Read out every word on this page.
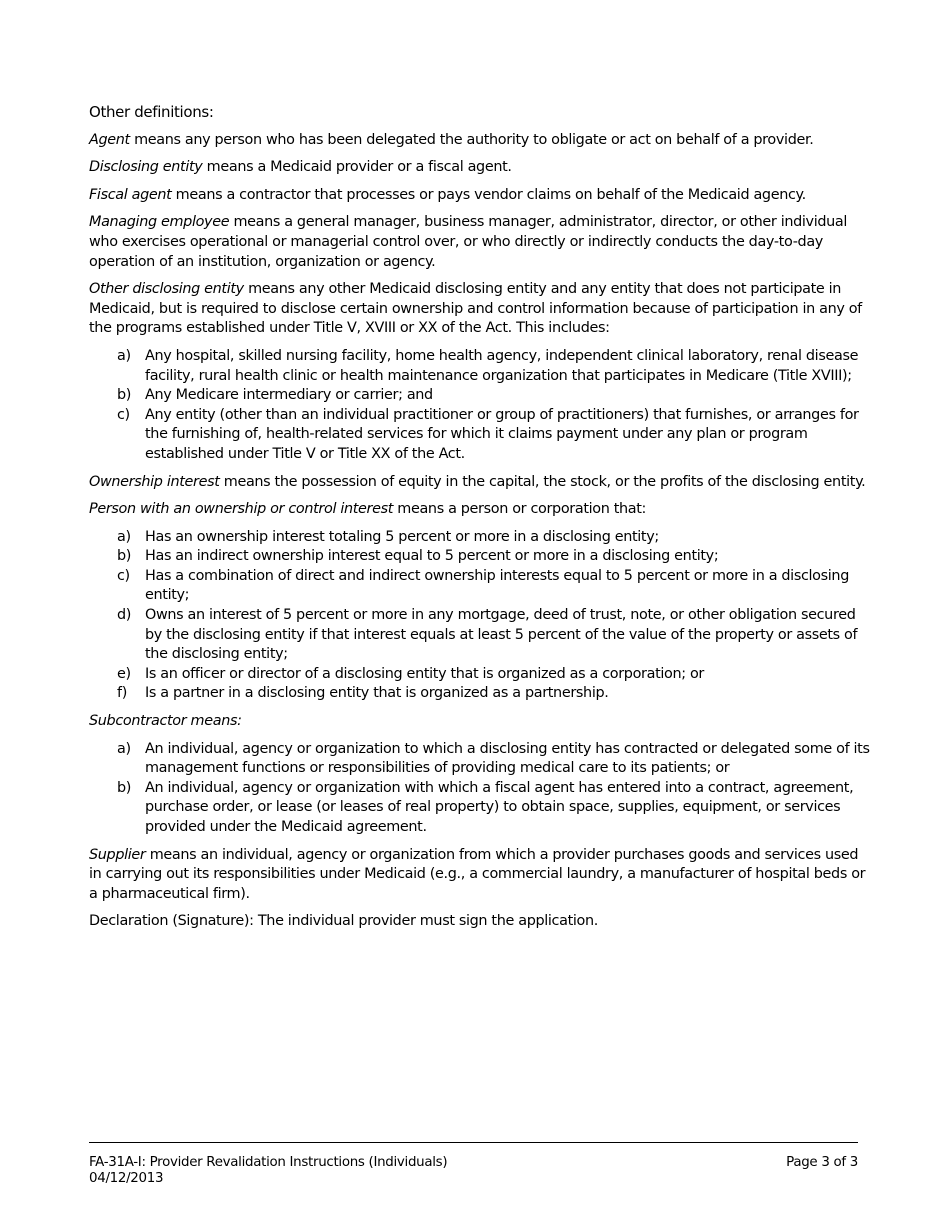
Other definitions:

Agent means any person who has been delegated the authority to obligate or act on behalf of a provider.

Disclosing entity means a Medicaid provider or a fiscal agent.

Fiscal agent means a contractor that processes or pays vendor claims on behalf of the Medicaid agency.

Managing employee means a general manager, business manager, administrator, director, or other individual who exercises operational or managerial control over, or who directly or indirectly conducts the day-to-day operation of an institution, organization or agency.

Other disclosing entity means any other Medicaid disclosing entity and any entity that does not participate in Medicaid, but is required to disclose certain ownership and control information because of participation in any of the programs established under Title V, XVIII or XX of the Act. This includes:

a) Any hospital, skilled nursing facility, home health agency, independent clinical laboratory, renal disease facility, rural health clinic or health maintenance organization that participates in Medicare (Title XVIII);
b) Any Medicare intermediary or carrier; and
c) Any entity (other than an individual practitioner or group of practitioners) that furnishes, or arranges for the furnishing of, health-related services for which it claims payment under any plan or program established under Title V or Title XX of the Act.

Ownership interest means the possession of equity in the capital, the stock, or the profits of the disclosing entity.

Person with an ownership or control interest means a person or corporation that:

a) Has an ownership interest totaling 5 percent or more in a disclosing entity;
b) Has an indirect ownership interest equal to 5 percent or more in a disclosing entity;
c) Has a combination of direct and indirect ownership interests equal to 5 percent or more in a disclosing entity;
d) Owns an interest of 5 percent or more in any mortgage, deed of trust, note, or other obligation secured by the disclosing entity if that interest equals at least 5 percent of the value of the property or assets of the disclosing entity;
e) Is an officer or director of a disclosing entity that is organized as a corporation; or
f) Is a partner in a disclosing entity that is organized as a partnership.

Subcontractor means:

a) An individual, agency or organization to which a disclosing entity has contracted or delegated some of its management functions or responsibilities of providing medical care to its patients; or
b) An individual, agency or organization with which a fiscal agent has entered into a contract, agreement, purchase order, or lease (or leases of real property) to obtain space, supplies, equipment, or services provided under the Medicaid agreement.

Supplier means an individual, agency or organization from which a provider purchases goods and services used in carrying out its responsibilities under Medicaid (e.g., a commercial laundry, a manufacturer of hospital beds or a pharmaceutical firm).

Declaration (Signature): The individual provider must sign the application.

FA-31A-I: Provider Revalidation Instructions (Individuals)	Page 3 of 3
04/12/2013
